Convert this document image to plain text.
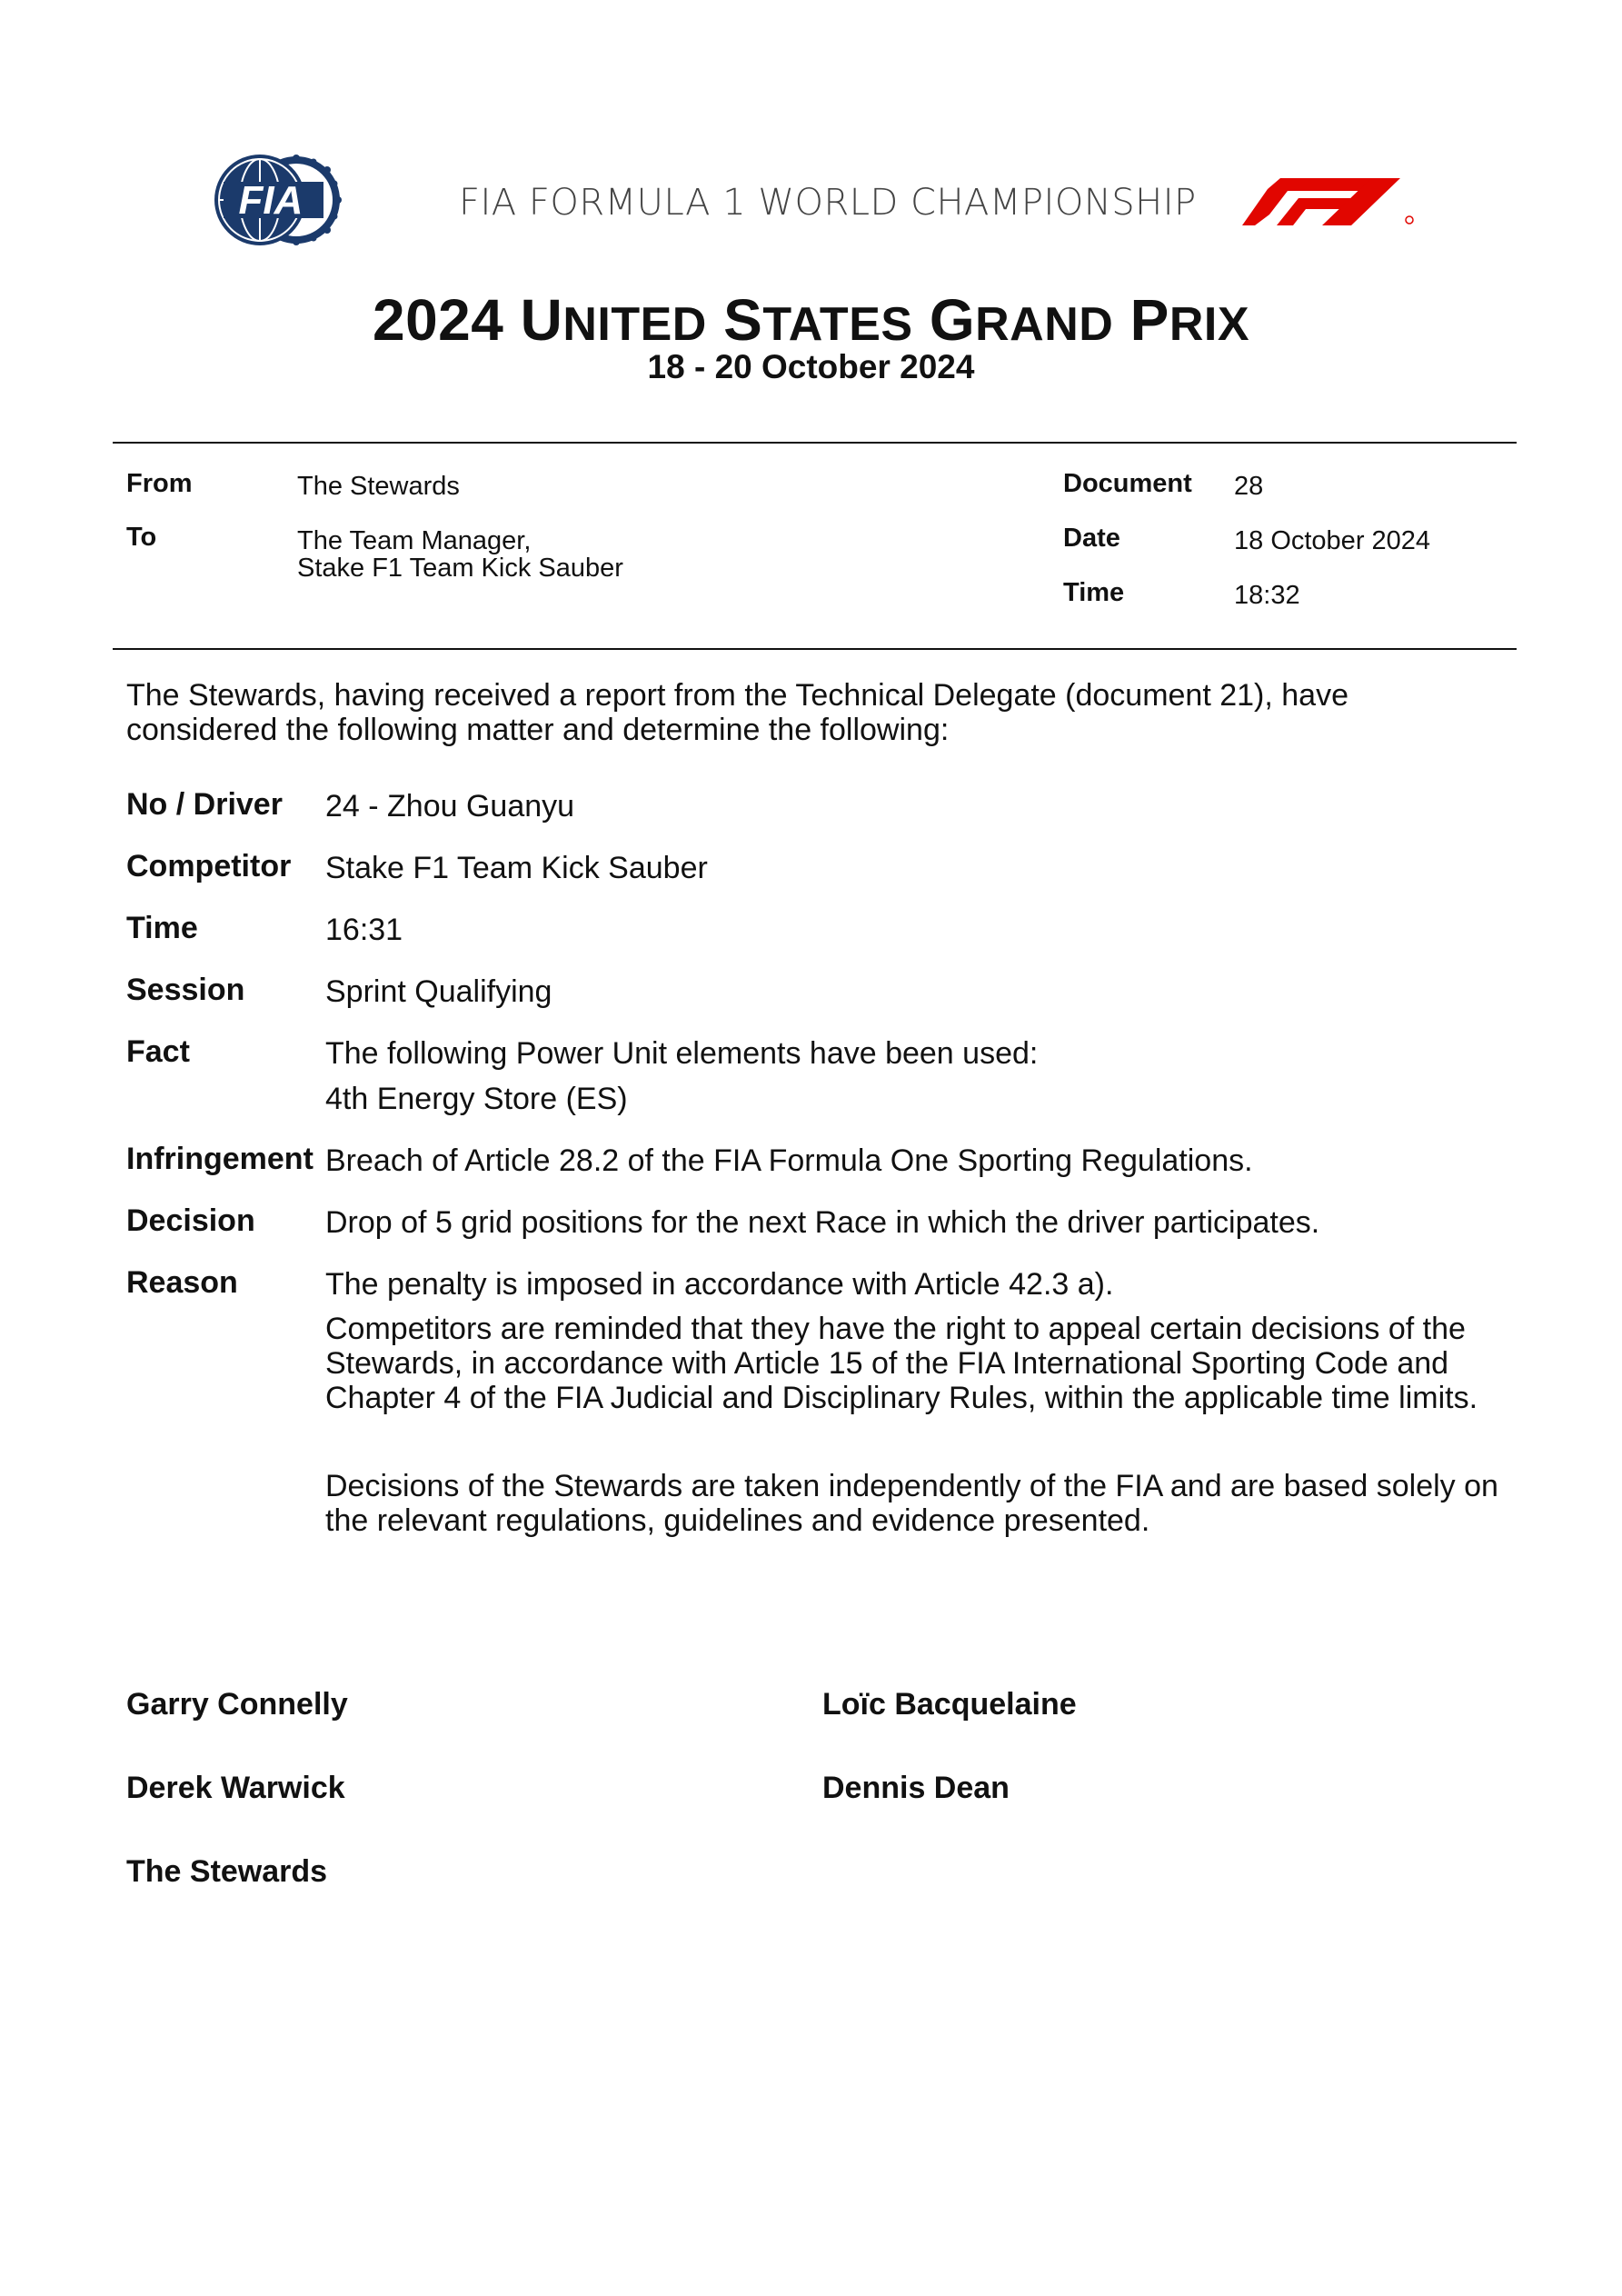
FIA	FIA FORMULA 1 WORLD CHAMPIONSHIP
2024 UNITED STATES GRAND PRIX
18 - 20 October 2024
From	The Stewards
To	The Team Manager,
Stake F1 Team Kick Sauber
Document 28
Date	18 October 2024
Time	18:32
The Stewards, having received a report from the Technical Delegate (document 21), have considered the following matter and determine the following:
No / Driver 24 - Zhou Guanyu
Competitor Stake F1 Team Kick Sauber
Time	16:31
Session	Sprint Qualifying
Fact	The following Power Unit elements have been used:
4th Energy Store (ES)
Infringement Breach of Article 28.2 of the FIA Formula One Sporting Regulations.
Decision Drop of 5 grid positions for the next Race in which the driver participates.
Reason	The penalty is imposed in accordance with Article 42.3 a).
Competitors are reminded that they have the right to appeal certain decisions of the Stewards, in accordance with Article 15 of the FIA International Sporting Code and Chapter 4 of the FIA Judicial and Disciplinary Rules, within the applicable time limits.
Decisions of the Stewards are taken independently of the FIA and are based solely on the relevant regulations, guidelines and evidence presented.
Garry Connelly	Loïc Bacquelaine
Derek Warwick	Dennis Dean
The Stewards
